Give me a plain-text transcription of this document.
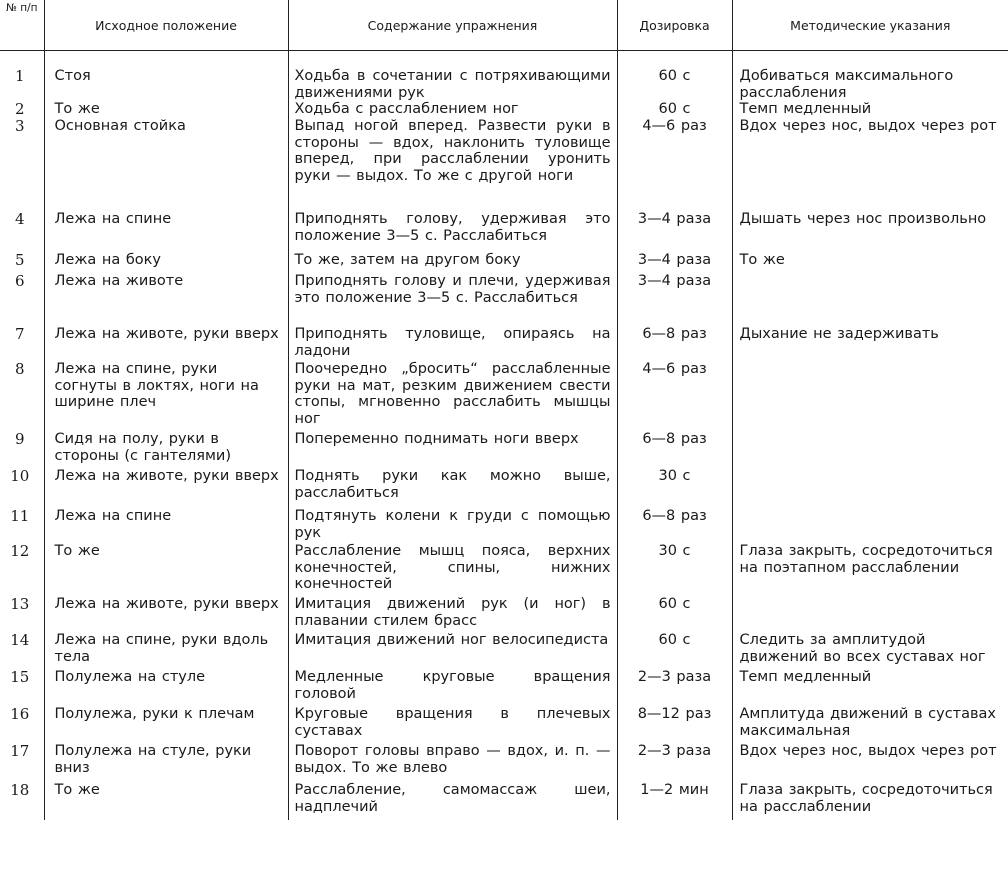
№ п/п	Исходное положение	Содержание упражнения	Дозировка	Методические указания
1	Стоя	Ходьба в сочетании с потряхивающими движениями рук	60 с	Добиваться максимального расслабления
2	То же	Ходьба с расслаблением ног	60 с	Темп медленный
3	Основная стойка	Выпад ногой вперед. Развести руки в стороны — вдох, наклонить туловище вперед, при расслаблении уронить руки — выдох. То же с другой ноги	4—6 раз	Вдох через нос, выдох через рот
4	Лежа на спине	Приподнять голову, удерживая это положение 3—5 с. Расслабиться	3—4 раза	Дышать через нос произвольно
5	Лежа на боку	То же, затем на другом боку	3—4 раза	То же
6	Лежа на животе	Приподнять голову и плечи, удерживая это положение 3—5 с. Расслабиться	3—4 раза	
7	Лежа на животе, руки вверх	Приподнять туловище, опираясь на ладони	6—8 раз	Дыхание не задерживать
8	Лежа на спине, руки согнуты в локтях, ноги на ширине плеч	Поочередно „бросить“ расслабленные руки на мат, резким движением свести стопы, мгновенно расслабить мышцы ног	4—6 раз	
9	Сидя на полу, руки в стороны (с гантелями)	Попеременно поднимать ноги вверх	6—8 раз	
10	Лежа на животе, руки вверх	Поднять руки как можно выше, расслабиться	30 с	
11	Лежа на спине	Подтянуть колени к груди с помощью рук	6—8 раз	
12	То же	Расслабление мышц пояса, верхних конечностей, спины, нижних конечностей	30 с	Глаза закрыть, сосредоточиться на поэтапном расслаблении
13	Лежа на животе, руки вверх	Имитация движений рук (и ног) в плавании стилем брасс	60 с	
14	Лежа на спине, руки вдоль тела	Имитация движений ног велосипедиста	60 с	Следить за амплитудой движений во всех суставах ног
15	Полулежа на стуле	Медленные круговые вращения головой	2—3 раза	Темп медленный
16	Полулежа, руки к плечам	Круговые вращения в плечевых суставах	8—12 раз	Амплитуда движений в суставах максимальная
17	Полулежа на стуле, руки вниз	Поворот головы вправо — вдох, и. п. — выдох. То же влево	2—3 раза	Вдох через нос, выдох через рот
18	То же	Расслабление, самомассаж шеи, надплечий	1—2 мин	Глаза закрыть, сосредоточиться на расслаблении
